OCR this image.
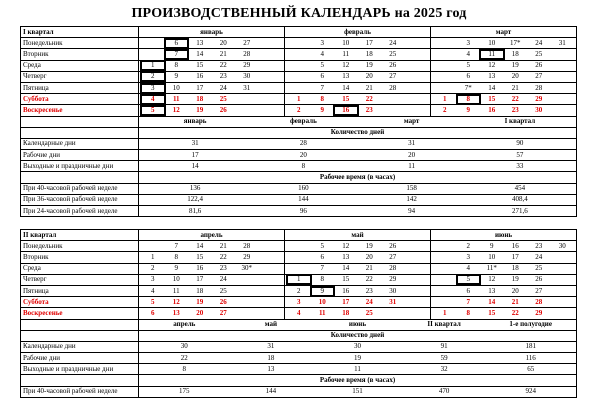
ПРОИЗВОДСТВЕННЫЙ КАЛЕНДАРЬ на 2025 год
I квартал	январь	февраль	март
Понедельник	6 13 20 27	3 10 17 24	3 10 17* 24 31

Вторник	7 14 21 28	4 11 18 25	4 11 18 25

Среда	1 8 15 22 29	5 12 19 26	5 12 19 26

Четверг	2 9 16 23 30	6 13 20 27	6 13 20 27

Пятница	3 10 17 24 31	7 14 21 28	7* 14 21 28

Суббота	4 11 18 25	1 8 15 22	1 8 15 22 29

Воскресенье	5 12 19 26	2 9 16 23	2 9 16 23 30

	январь февраль март I квартал		

	Количество дней		
Календарные дни	31 28 31 90		

Рабочие дни	17 20 20 57		

Выходные и праздничные дни	14 8 11 33		

	Рабочее время (в часах)		
При 40-часовой рабочей неделе	136 160 158 454		

При 36-часовой рабочей неделе	122,4 144 142 408,4		

При 24-часовой рабочей неделе	81,6 96 94 271,6		
II квартал	апрель	май	июнь
Понедельник	7 14 21 28	5 12 19 26	2 9 16 23 30

Вторник	1 8 15 22 29	6 13 20 27	3 10 17 24

Среда	2 9 16 23 30*	7 14 21 28	4 11* 18 25

Четверг	3 10 17 24	1 8 15 22 29	5 12 19 26

Пятница	4 11 18 25	2 9 16 23 30	6 13 20 27

Суббота	5 12 19 26	3 10 17 24 31	7 14 21 28

Воскресенье	6 13 20 27	4 11 18 25	1 8 15 22 29

	апрель май июнь II квартал 1-е полугодие		

	Количество дней		
Календарные дни	30 31 30 91 181		

Рабочие дни	22 18 19 59 116		

Выходные и праздничные дни	8 13 11 32 65		

	Рабочее время (в часах)		
При 40-часовой рабочей неделе	175 144 151 470 924		
